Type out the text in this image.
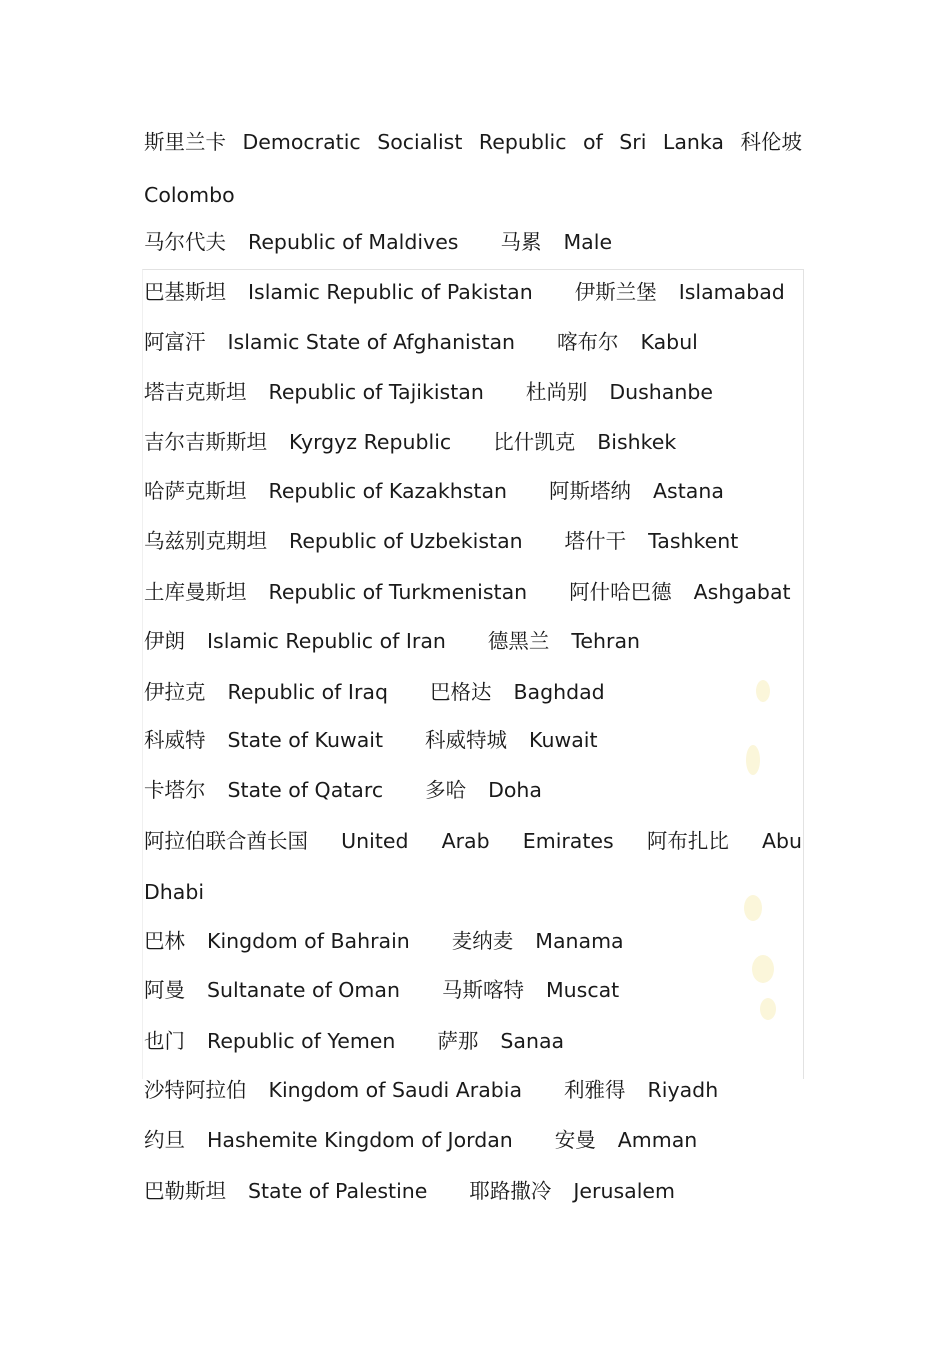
斯里兰卡 Democratic Socialist Republic of Sri Lanka 科伦坡
Colombo
马尔代夫 Republic of Maldives 马累 Male
巴基斯坦 Islamic Republic of Pakistan 伊斯兰堡 Islamabad
阿富汗 Islamic State of Afghanistan 喀布尔 Kabul
塔吉克斯坦 Republic of Tajikistan 杜尚别 Dushanbe
吉尔吉斯斯坦 Kyrgyz Republic 比什凯克 Bishkek
哈萨克斯坦 Republic of Kazakhstan 阿斯塔纳 Astana
乌兹别克期坦 Republic of Uzbekistan 塔什干 Tashkent
土库曼斯坦 Republic of Turkmenistan 阿什哈巴德 Ashgabat
伊朗 Islamic Republic of Iran 德黑兰 Tehran
伊拉克 Republic of Iraq 巴格达 Baghdad
科威特 State of Kuwait 科威特城 Kuwait
卡塔尔 State of Qatarc 多哈 Doha
阿拉伯联合酋长国 United Arab Emirates 阿布扎比 Abu
Dhabi
巴林 Kingdom of Bahrain 麦纳麦 Manama
阿曼 Sultanate of Oman 马斯喀特 Muscat
也门 Republic of Yemen 萨那 Sanaa
沙特阿拉伯 Kingdom of Saudi Arabia 利雅得 Riyadh
约旦 Hashemite Kingdom of Jordan 安曼 Amman
巴勒斯坦 State of Palestine 耶路撒冷 Jerusalem
